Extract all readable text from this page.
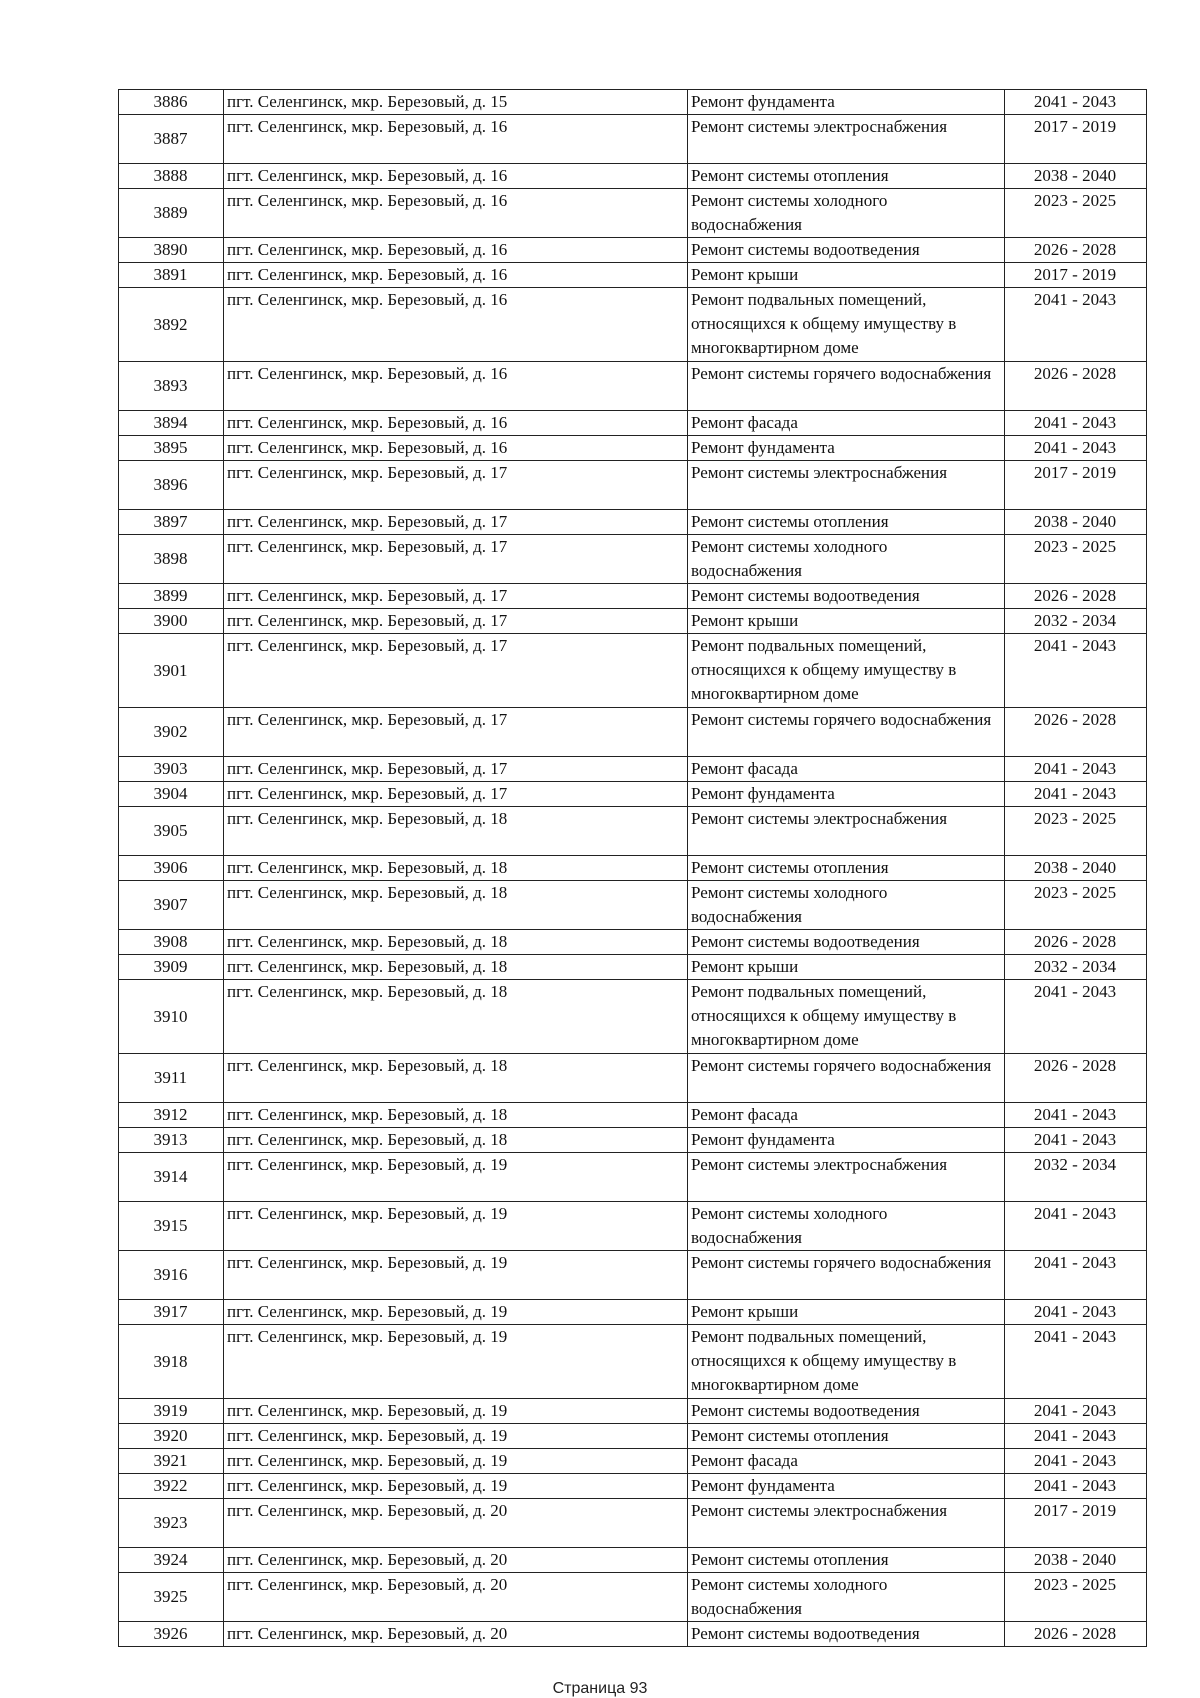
3886	пгт. Селенгинск, мкр. Березовый, д. 15	Ремонт фундамента	2041 - 2043
3887	пгт. Селенгинск, мкр. Березовый, д. 16	Ремонт системы электроснабжения	2017 - 2019
3888	пгт. Селенгинск, мкр. Березовый, д. 16	Ремонт системы отопления	2038 - 2040
3889	пгт. Селенгинск, мкр. Березовый, д. 16	Ремонт системы холодного водоснабжения	2023 - 2025
3890	пгт. Селенгинск, мкр. Березовый, д. 16	Ремонт системы водоотведения	2026 - 2028
3891	пгт. Селенгинск, мкр. Березовый, д. 16	Ремонт крыши	2017 - 2019
3892	пгт. Селенгинск, мкр. Березовый, д. 16	Ремонт подвальных помещений, относящихся к общему имуществу в многоквартирном доме	2041 - 2043
3893	пгт. Селенгинск, мкр. Березовый, д. 16	Ремонт системы горячего водоснабжения	2026 - 2028
3894	пгт. Селенгинск, мкр. Березовый, д. 16	Ремонт фасада	2041 - 2043
3895	пгт. Селенгинск, мкр. Березовый, д. 16	Ремонт фундамента	2041 - 2043
3896	пгт. Селенгинск, мкр. Березовый, д. 17	Ремонт системы электроснабжения	2017 - 2019
3897	пгт. Селенгинск, мкр. Березовый, д. 17	Ремонт системы отопления	2038 - 2040
3898	пгт. Селенгинск, мкр. Березовый, д. 17	Ремонт системы холодного водоснабжения	2023 - 2025
3899	пгт. Селенгинск, мкр. Березовый, д. 17	Ремонт системы водоотведения	2026 - 2028
3900	пгт. Селенгинск, мкр. Березовый, д. 17	Ремонт крыши	2032 - 2034
3901	пгт. Селенгинск, мкр. Березовый, д. 17	Ремонт подвальных помещений, относящихся к общему имуществу в многоквартирном доме	2041 - 2043
3902	пгт. Селенгинск, мкр. Березовый, д. 17	Ремонт системы горячего водоснабжения	2026 - 2028
3903	пгт. Селенгинск, мкр. Березовый, д. 17	Ремонт фасада	2041 - 2043
3904	пгт. Селенгинск, мкр. Березовый, д. 17	Ремонт фундамента	2041 - 2043
3905	пгт. Селенгинск, мкр. Березовый, д. 18	Ремонт системы электроснабжения	2023 - 2025
3906	пгт. Селенгинск, мкр. Березовый, д. 18	Ремонт системы отопления	2038 - 2040
3907	пгт. Селенгинск, мкр. Березовый, д. 18	Ремонт системы холодного водоснабжения	2023 - 2025
3908	пгт. Селенгинск, мкр. Березовый, д. 18	Ремонт системы водоотведения	2026 - 2028
3909	пгт. Селенгинск, мкр. Березовый, д. 18	Ремонт крыши	2032 - 2034
3910	пгт. Селенгинск, мкр. Березовый, д. 18	Ремонт подвальных помещений, относящихся к общему имуществу в многоквартирном доме	2041 - 2043
3911	пгт. Селенгинск, мкр. Березовый, д. 18	Ремонт системы горячего водоснабжения	2026 - 2028
3912	пгт. Селенгинск, мкр. Березовый, д. 18	Ремонт фасада	2041 - 2043
3913	пгт. Селенгинск, мкр. Березовый, д. 18	Ремонт фундамента	2041 - 2043
3914	пгт. Селенгинск, мкр. Березовый, д. 19	Ремонт системы электроснабжения	2032 - 2034
3915	пгт. Селенгинск, мкр. Березовый, д. 19	Ремонт системы холодного водоснабжения	2041 - 2043
3916	пгт. Селенгинск, мкр. Березовый, д. 19	Ремонт системы горячего водоснабжения	2041 - 2043
3917	пгт. Селенгинск, мкр. Березовый, д. 19	Ремонт крыши	2041 - 2043
3918	пгт. Селенгинск, мкр. Березовый, д. 19	Ремонт подвальных помещений, относящихся к общему имуществу в многоквартирном доме	2041 - 2043
3919	пгт. Селенгинск, мкр. Березовый, д. 19	Ремонт системы водоотведения	2041 - 2043
3920	пгт. Селенгинск, мкр. Березовый, д. 19	Ремонт системы отопления	2041 - 2043
3921	пгт. Селенгинск, мкр. Березовый, д. 19	Ремонт фасада	2041 - 2043
3922	пгт. Селенгинск, мкр. Березовый, д. 19	Ремонт фундамента	2041 - 2043
3923	пгт. Селенгинск, мкр. Березовый, д. 20	Ремонт системы электроснабжения	2017 - 2019
3924	пгт. Селенгинск, мкр. Березовый, д. 20	Ремонт системы отопления	2038 - 2040
3925	пгт. Селенгинск, мкр. Березовый, д. 20	Ремонт системы холодного водоснабжения	2023 - 2025
3926	пгт. Селенгинск, мкр. Березовый, д. 20	Ремонт системы водоотведения	2026 - 2028
Страница 93
